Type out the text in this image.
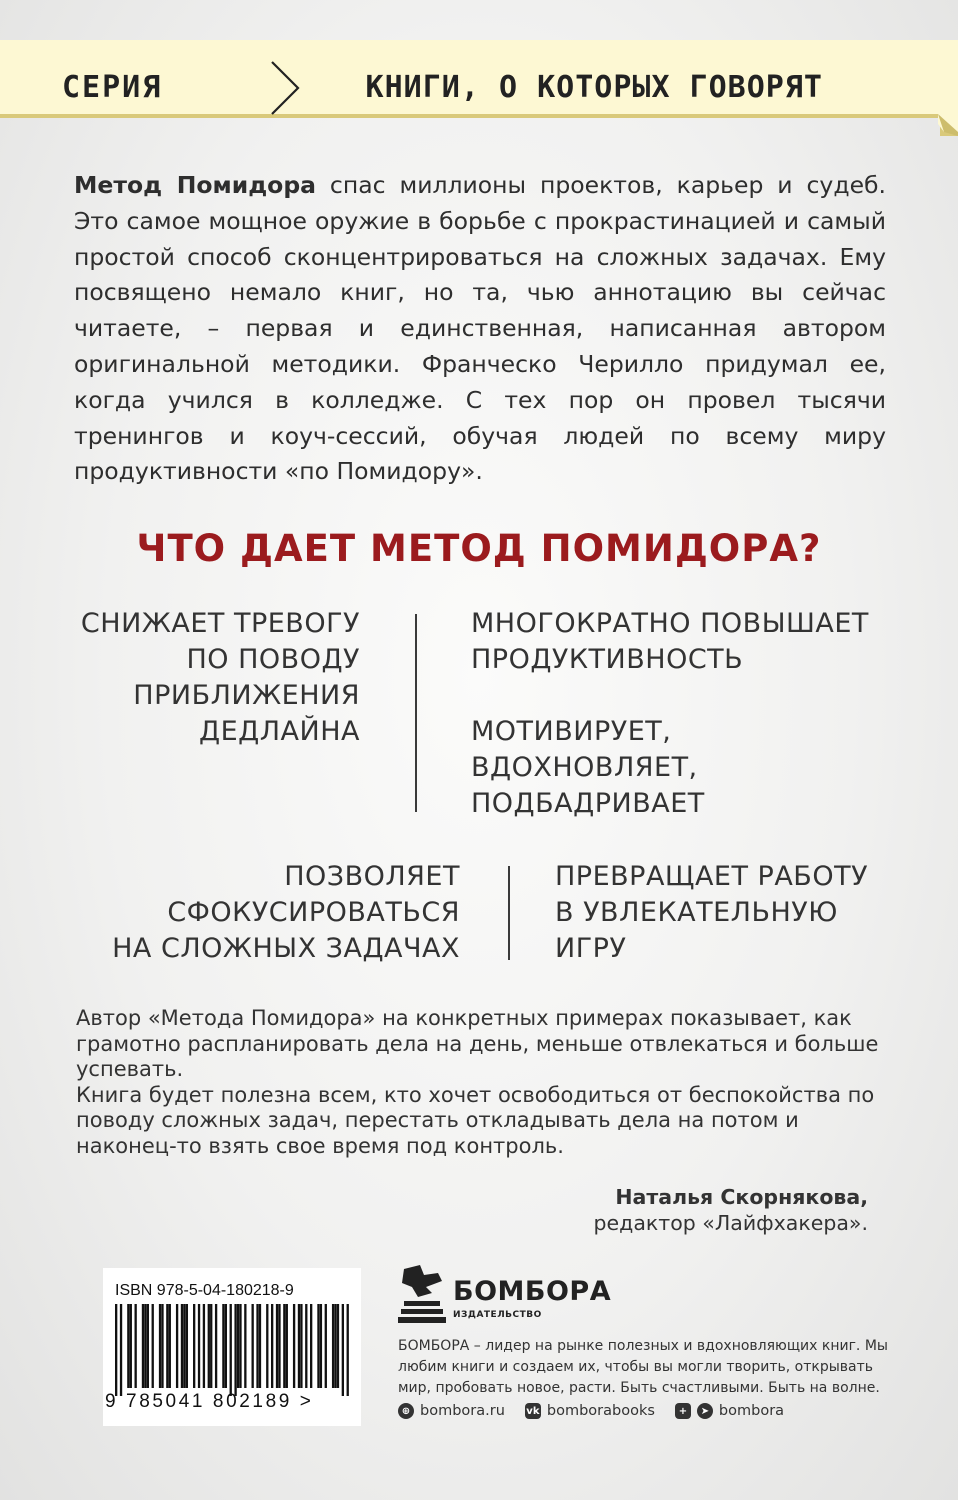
СЕРИЯ	КНИГИ, О КОТОРЫХ ГОВОРЯТ
Метод Помидора спас миллионы проектов, карьер и судеб. Это самое мощное оружие в борьбе с прокрастинацией и самый простой способ сконцентрироваться на сложных задачах. Ему посвящено немало книг, но та, чью аннотацию вы сейчас читаете, – первая и единственная, написанная автором оригинальной методики. Франческо Черилло придумал ее, когда учился в колледже. С тех пор он провел тысячи тренингов и коуч-сессий, обучая людей по всему миру продуктивности «по Помидору».
ЧТО ДАЕТ МЕТОД ПОМИДОРА?
СНИЖАЕТ ТРЕВОГУ
ПО ПОВОДУ
ПРИБЛИЖЕНИЯ
ДЕДЛАЙНА
МНОГОКРАТНО ПОВЫШАЕТ
ПРОДУКТИВНОСТЬ
МОТИВИРУЕТ,
ВДОХНОВЛЯЕТ,
ПОДБАДРИВАЕТ
ПОЗВОЛЯЕТ
СФОКУСИРОВАТЬСЯ
НА СЛОЖНЫХ ЗАДАЧАХ
ПРЕВРАЩАЕТ РАБОТУ
В УВЛЕКАТЕЛЬНУЮ
ИГРУ

Автор «Метода Помидора» на конкретных примерах показывает, как грамотно распланировать дела на день, меньше отвлекаться и больше успевать.

Книга будет полезна всем, кто хочет освободиться от беспокойства по поводу сложных задач, перестать откладывать дела на потом и наконец-то взять свое время под контроль.

Наталья Скорнякова,
редактор «Лайфхакера».
ISBN 978-5-04-180218-9
9 785041 802189 >
БОМБОРА
ИЗДАТЕЛЬСТВО
БОМБОРА – лидер на рынке полезных и вдохновляющих книг. Мы любим книги и создаем их, чтобы вы могли творить, открывать мир, пробовать новое, расти. Быть счастливыми. Быть на волне.
⊕ bombora.ru vk bomborabooks	+	➤ bombora
